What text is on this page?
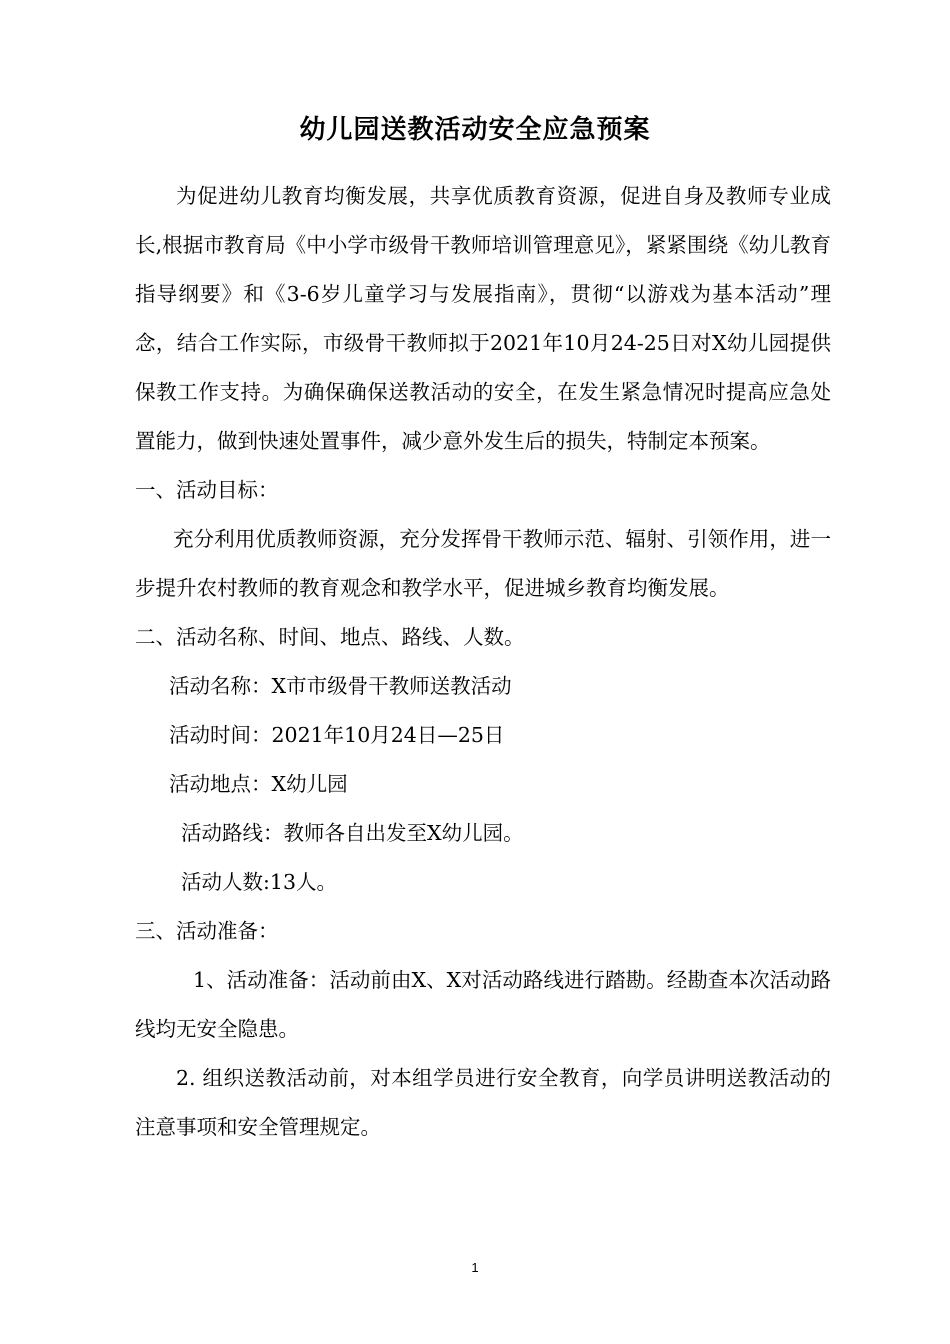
幼儿园送教活动安全应急预案

为促进幼儿教育均衡发展，共享优质教育资源，促进自身及教师专业成长,根据市教育局《中小学市级骨干教师培训管理意见》，紧紧围绕《幼儿教育指导纲要》和《3-6岁儿童学习与发展指南》，贯彻“以游戏为基本活动”理念，结合工作实际，市级骨干教师拟于2021年10月24-25日对X幼儿园提供保教工作支持。为确保确保送教活动的安全，在发生紧急情况时提高应急处置能力，做到快速处置事件，减少意外发生后的损失，特制定本预案。

一、活动目标：

充分利用优质教师资源，充分发挥骨干教师示范、辐射、引领作用，进一步提升农村教师的教育观念和教学水平，促进城乡教育均衡发展。

二、活动名称、时间、地点、路线、人数。

活动名称：X市市级骨干教师送教活动

活动时间：2021年10月24日—25日

活动地点：X幼儿园

活动路线：教师各自出发至X幼儿园。

活动人数:13人。

三、活动准备：

1、活动准备：活动前由X、X对活动路线进行踏勘。经勘查本次活动路线均无安全隐患。

2. 组织送教活动前，对本组学员进行安全教育，向学员讲明送教活动的注意事项和安全管理规定。

1
